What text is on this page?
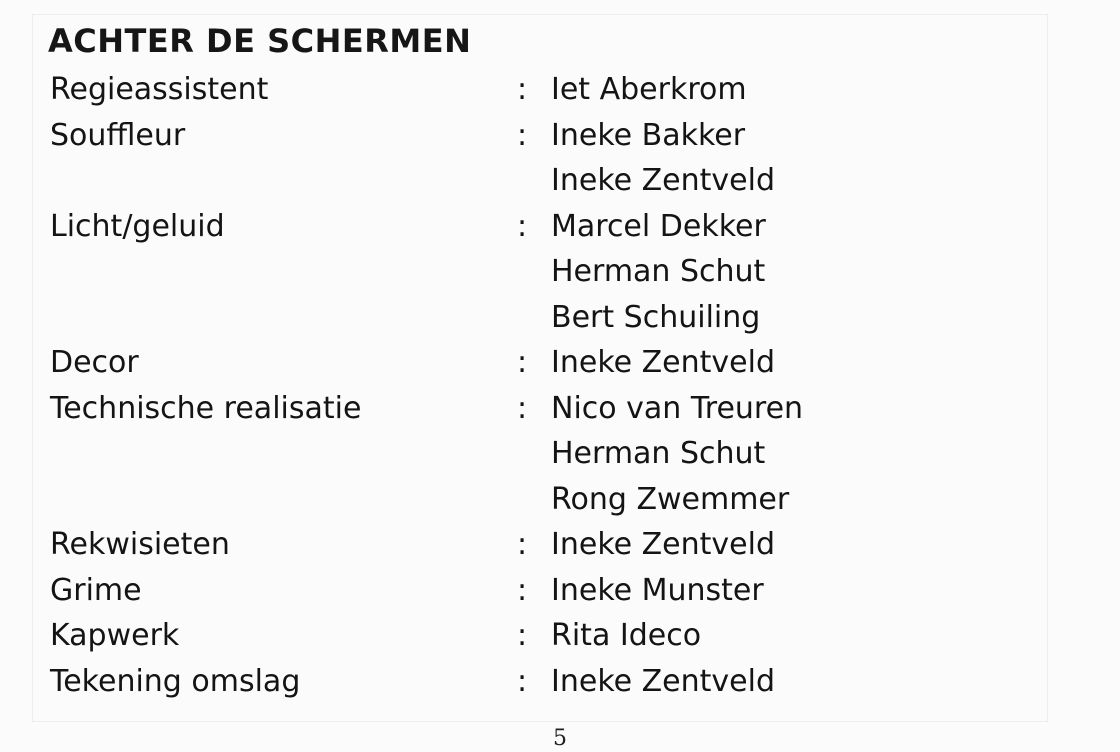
ACHTER DE SCHERMEN
Regieassistent	: Iet Aberkrom
Souffleur	: Ineke Bakker
Ineke Zentveld
Licht/geluid	: Marcel Dekker
Herman Schut
Bert Schuiling
Decor	: Ineke Zentveld
Technische realisatie	: Nico van Treuren
Herman Schut
Rong Zwemmer
Rekwisieten	: Ineke Zentveld
Grime	: Ineke Munster
Kapwerk	: Rita Ideco
Tekening omslag	: Ineke Zentveld
5
